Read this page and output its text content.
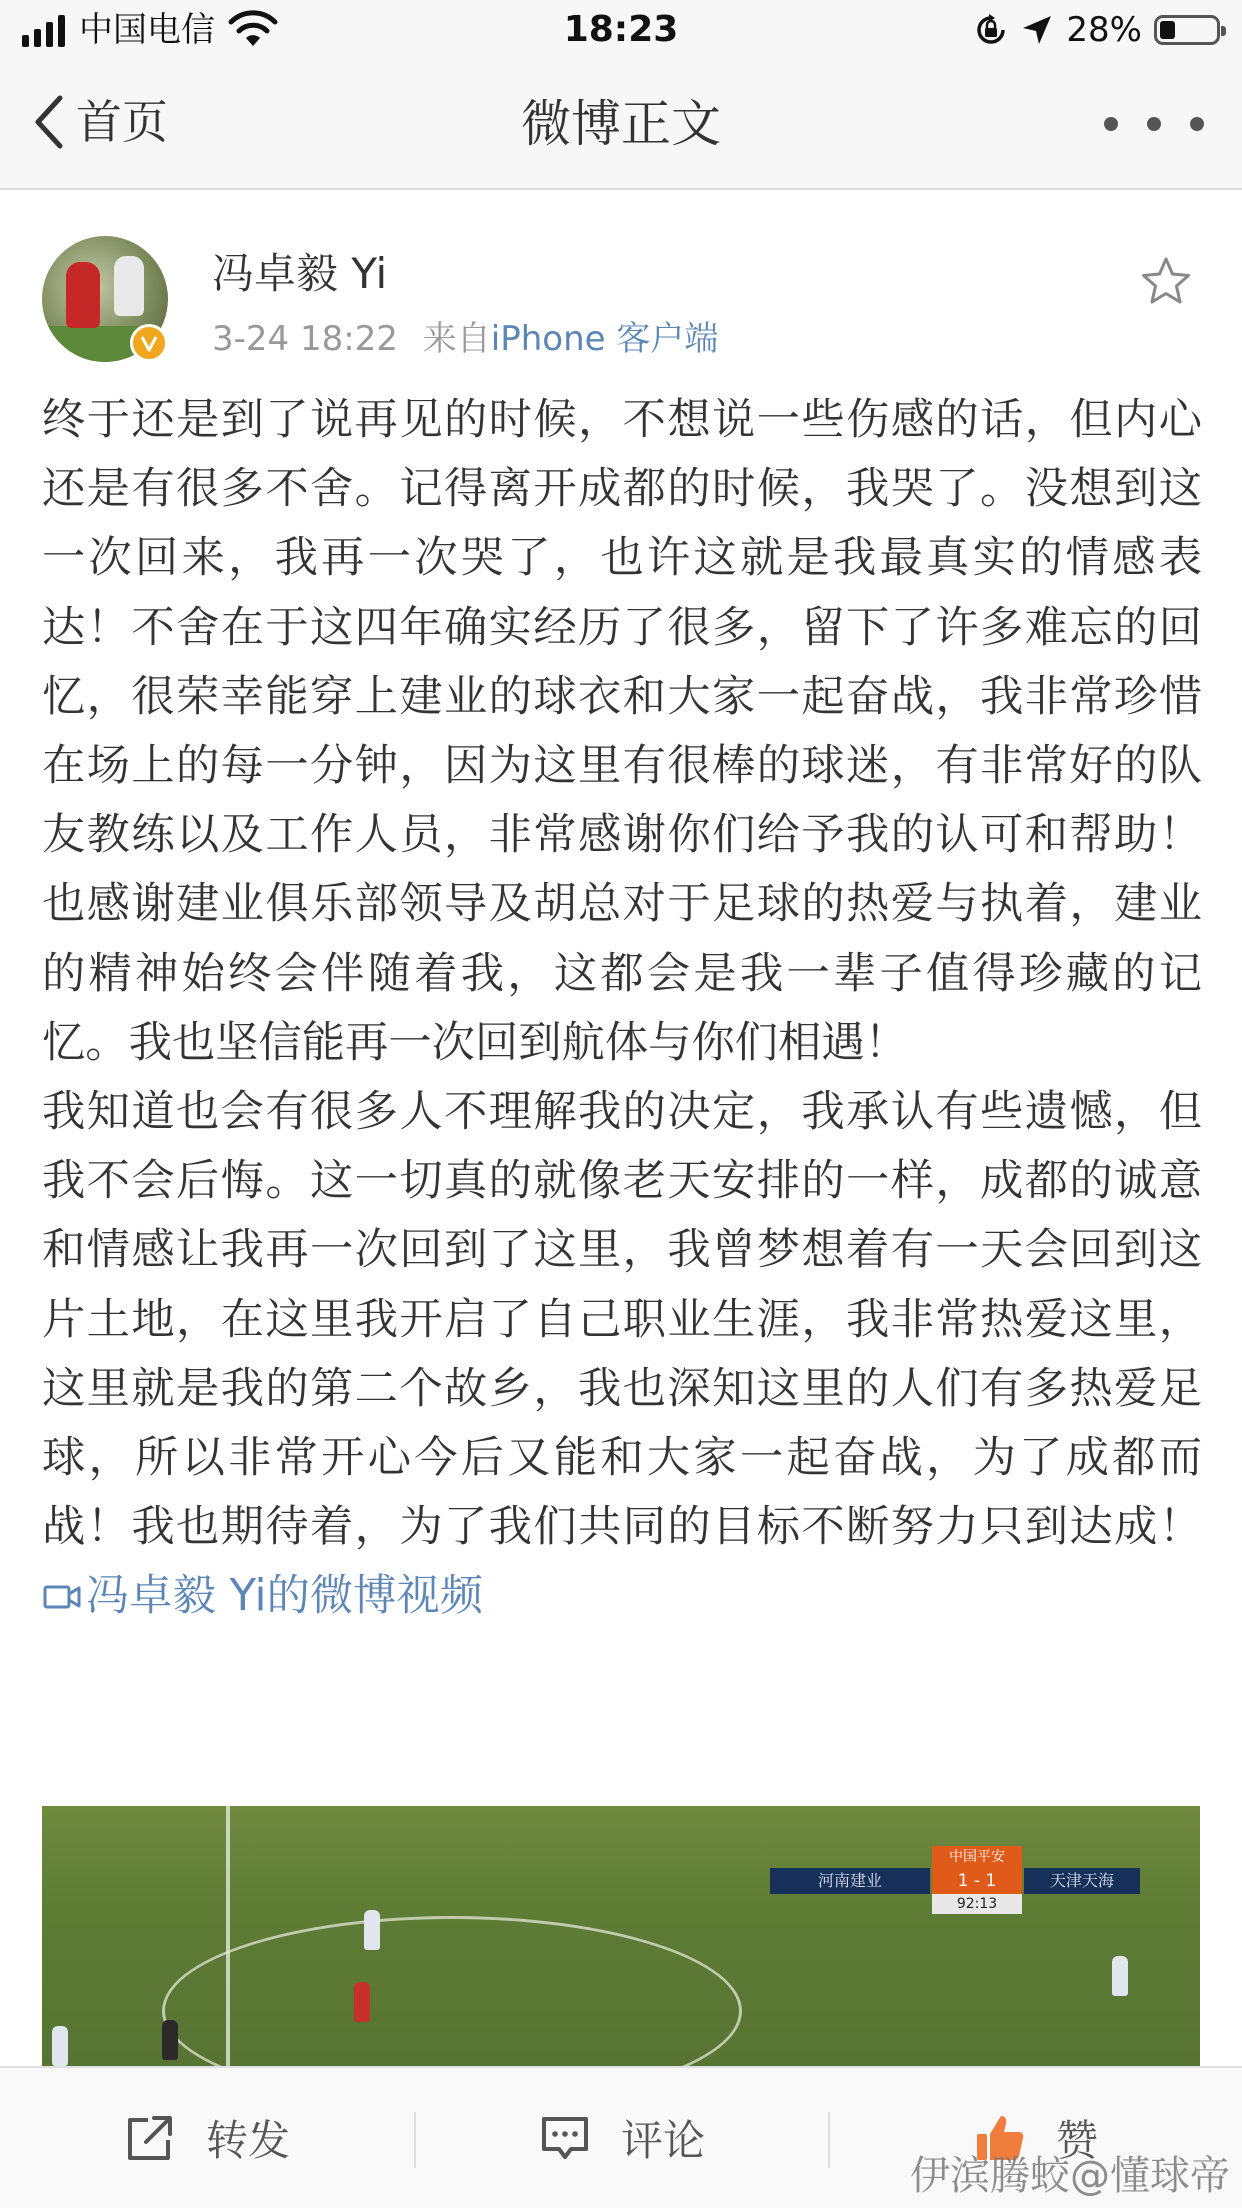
中国电信	18:23	28%
首页	微博正文
冯卓毅 Yi
3-24 18:22 来自iPhone 客户端

终于还是到了说再见的时候，不想说一些伤感的话，但内心还是有很多不舍。记得离开成都的时候，我哭了。没想到这一次回来，我再一次哭了，也许这就是我最真实的情感表达！不舍在于这四年确实经历了很多，留下了许多难忘的回忆，很荣幸能穿上建业的球衣和大家一起奋战，我非常珍惜在场上的每一分钟，因为这里有很棒的球迷，有非常好的队友教练以及工作人员，非常感谢你们给予我的认可和帮助！也感谢建业俱乐部领导及胡总对于足球的热爱与执着，建业的精神始终会伴随着我，这都会是我一辈子值得珍藏的记忆。我也坚信能再一次回到航体与你们相遇！

我知道也会有很多人不理解我的决定，我承认有些遗憾，但我不会后悔。这一切真的就像老天安排的一样，成都的诚意和情感让我再一次回到了这里，我曾梦想着有一天会回到这片土地，在这里我开启了自己职业生涯，我非常热爱这里，这里就是我的第二个故乡，我也深知这里的人们有多热爱足球，所以非常开心今后又能和大家一起奋战，为了成都而战！我也期待着，为了我们共同的目标不断努力只到达成！ 冯卓毅 Yi的微博视频

中国平安
河南建业	1 - 1	天津天海
92:13
转发	评论	赞
伊滨腾蛟@懂球帝
